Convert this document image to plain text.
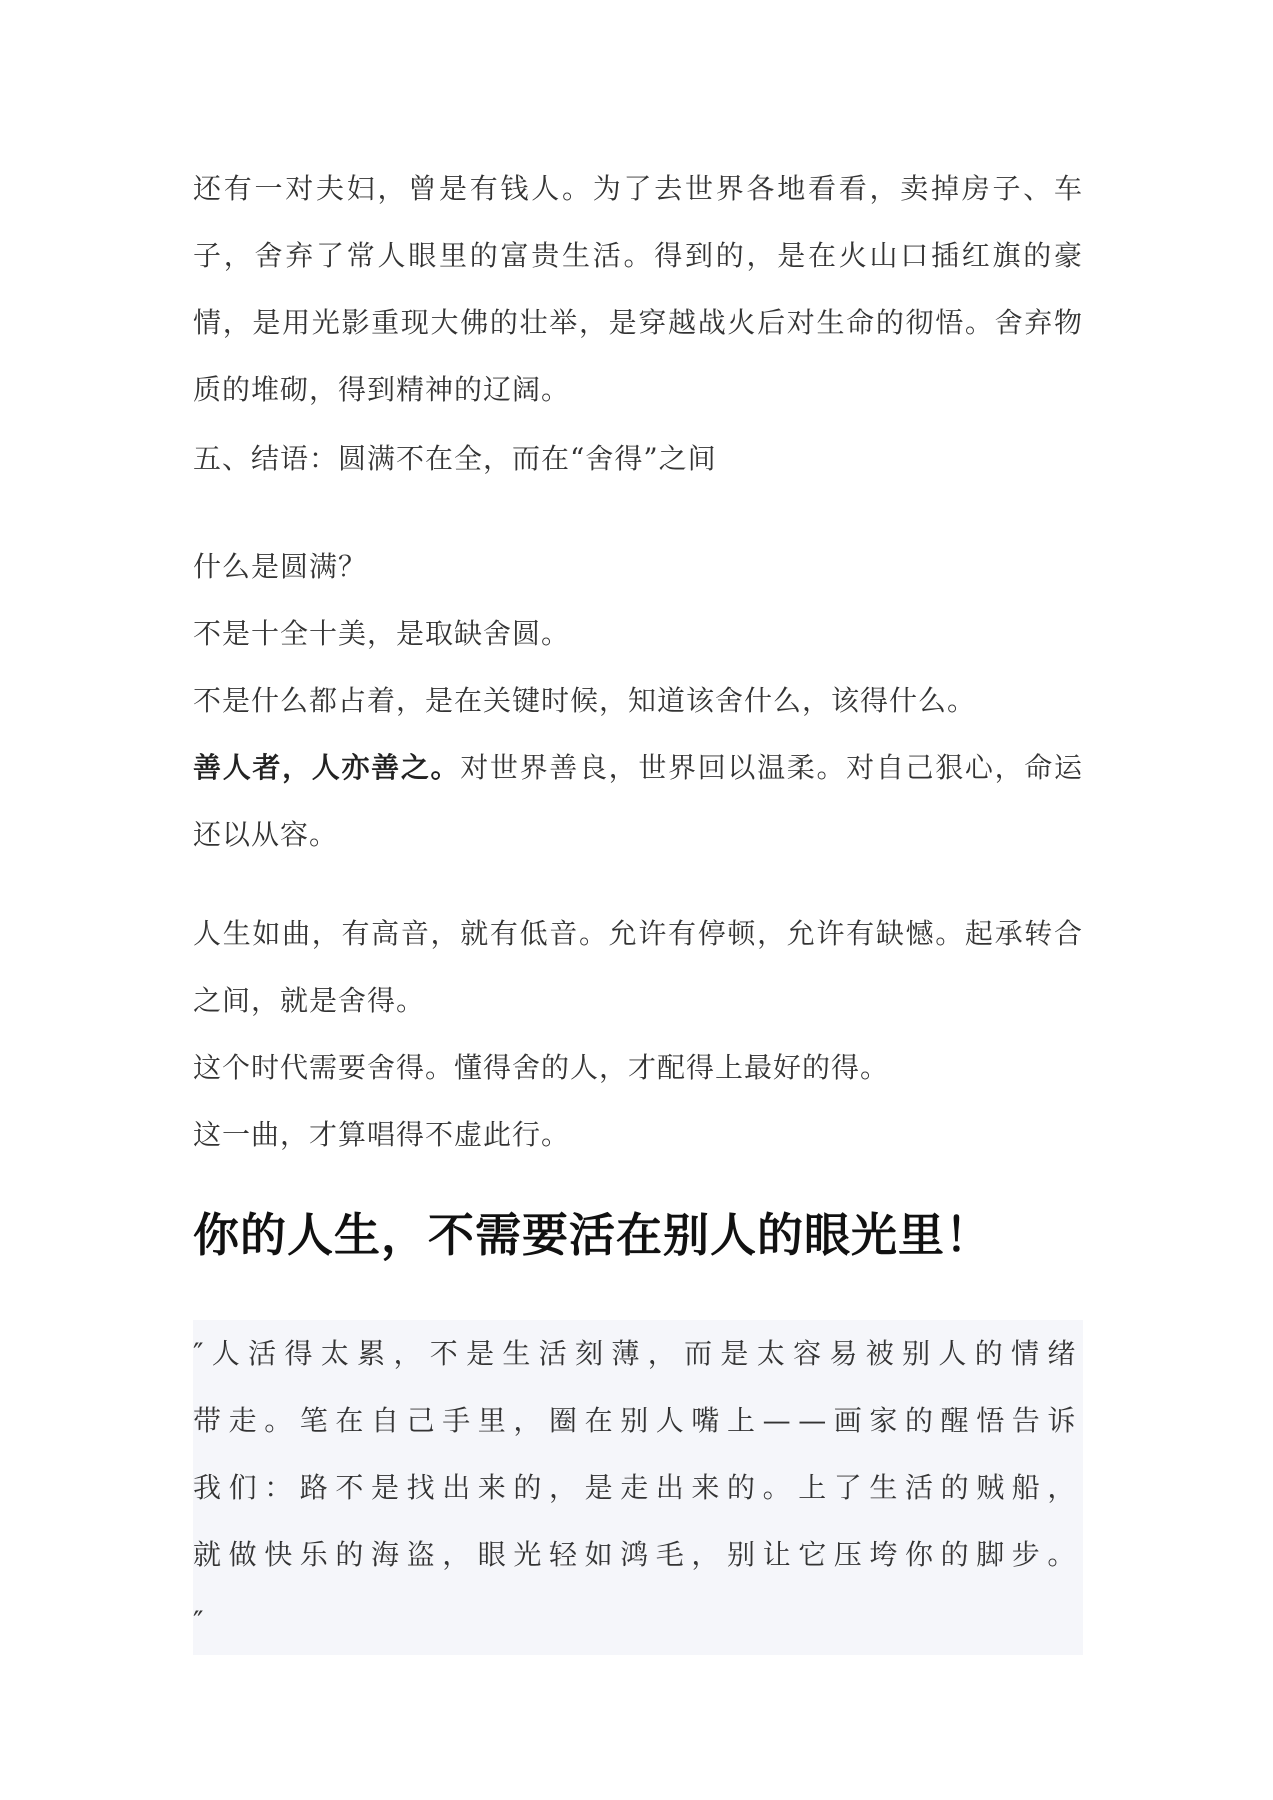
还有一对夫妇，曾是有钱人。为了去世界各地看看，卖掉房子、车子，舍弃了常人眼里的富贵生活。得到的，是在火山口插红旗的豪情，是用光影重现大佛的壮举，是穿越战火后对生命的彻悟。舍弃物质的堆砌，得到精神的辽阔。

五、结语：圆满不在全，而在“舍得”之间

什么是圆满？

不是十全十美，是取缺舍圆。

不是什么都占着，是在关键时候，知道该舍什么，该得什么。

善人者，人亦善之。对世界善良，世界回以温柔。对自己狠心，命运还以从容。

人生如曲，有高音，就有低音。允许有停顿，允许有缺憾。起承转合之间，就是舍得。

这个时代需要舍得。懂得舍的人，才配得上最好的得。

这一曲，才算唱得不虚此行。

你的人生，不需要活在别人的眼光里！

″人活得太累，不是生活刻薄，而是太容易被别人的情绪带走。笔在自己手里，圈在别人嘴上——画家的醒悟告诉我们：路不是找出来的，是走出来的。上了生活的贼船，就做快乐的海盗，眼光轻如鸿毛，别让它压垮你的脚步。″
